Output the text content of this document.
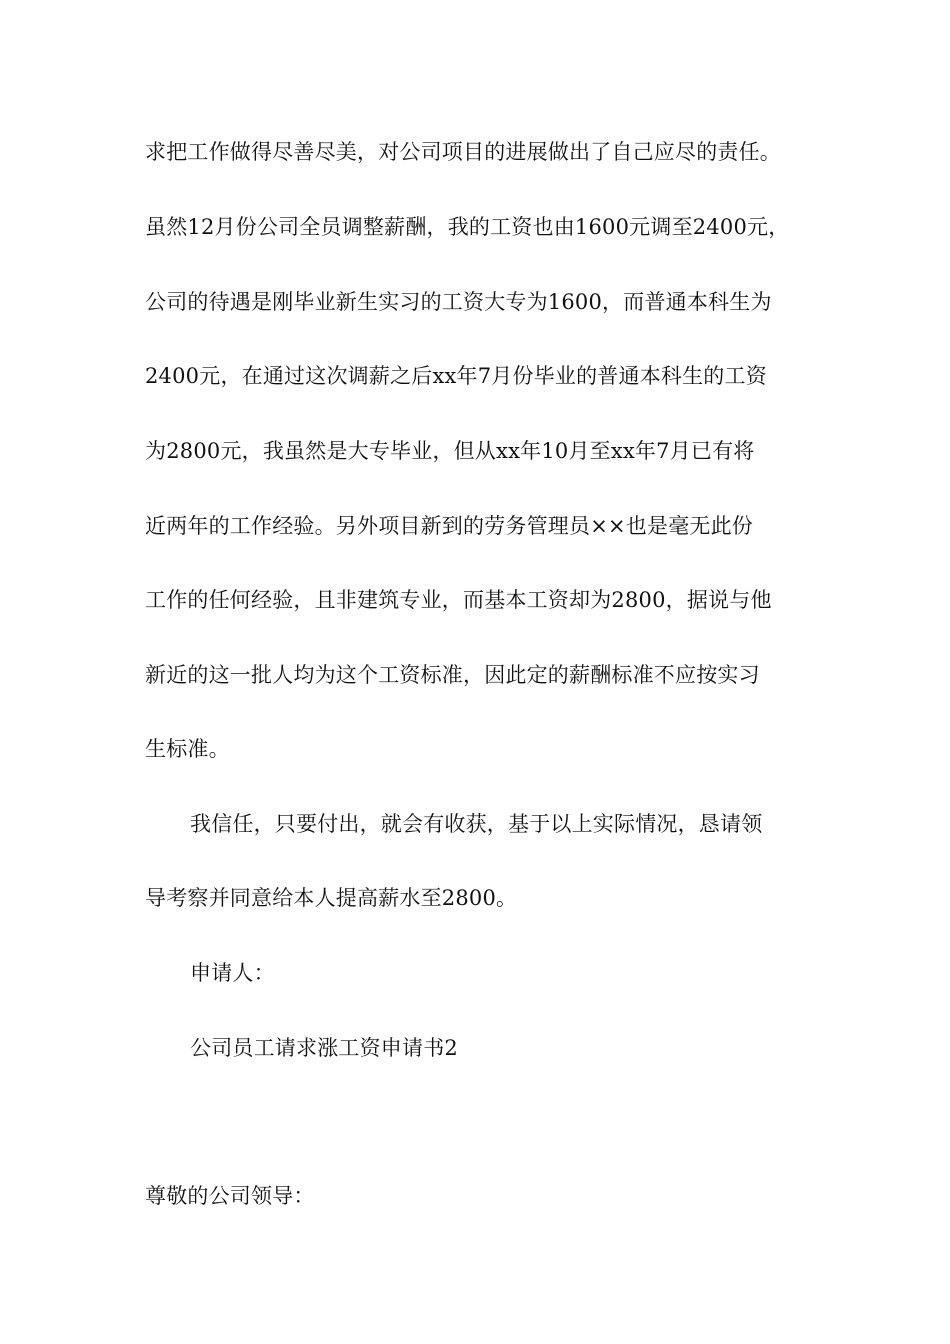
求把工作做得尽善尽美，对公司项目的进展做出了自己应尽的责任。
虽然12月份公司全员调整薪酬，我的工资也由1600元调至2400元，
公司的待遇是刚毕业新生实习的工资大专为1600，而普通本科生为
2400元，在通过这次调薪之后xx年7月份毕业的普通本科生的工资
为2800元，我虽然是大专毕业，但从xx年10月至xx年7月已有将
近两年的工作经验。另外项目新到的劳务管理员××也是毫无此份
工作的任何经验，且非建筑专业，而基本工资却为2800，据说与他
新近的这一批人均为这个工资标准，因此定的薪酬标准不应按实习
生标准。
我信任，只要付出，就会有收获，基于以上实际情况，恳请领
导考察并同意给本人提高薪水至2800。
申请人：
公司员工请求涨工资申请书2
尊敬的公司领导：
